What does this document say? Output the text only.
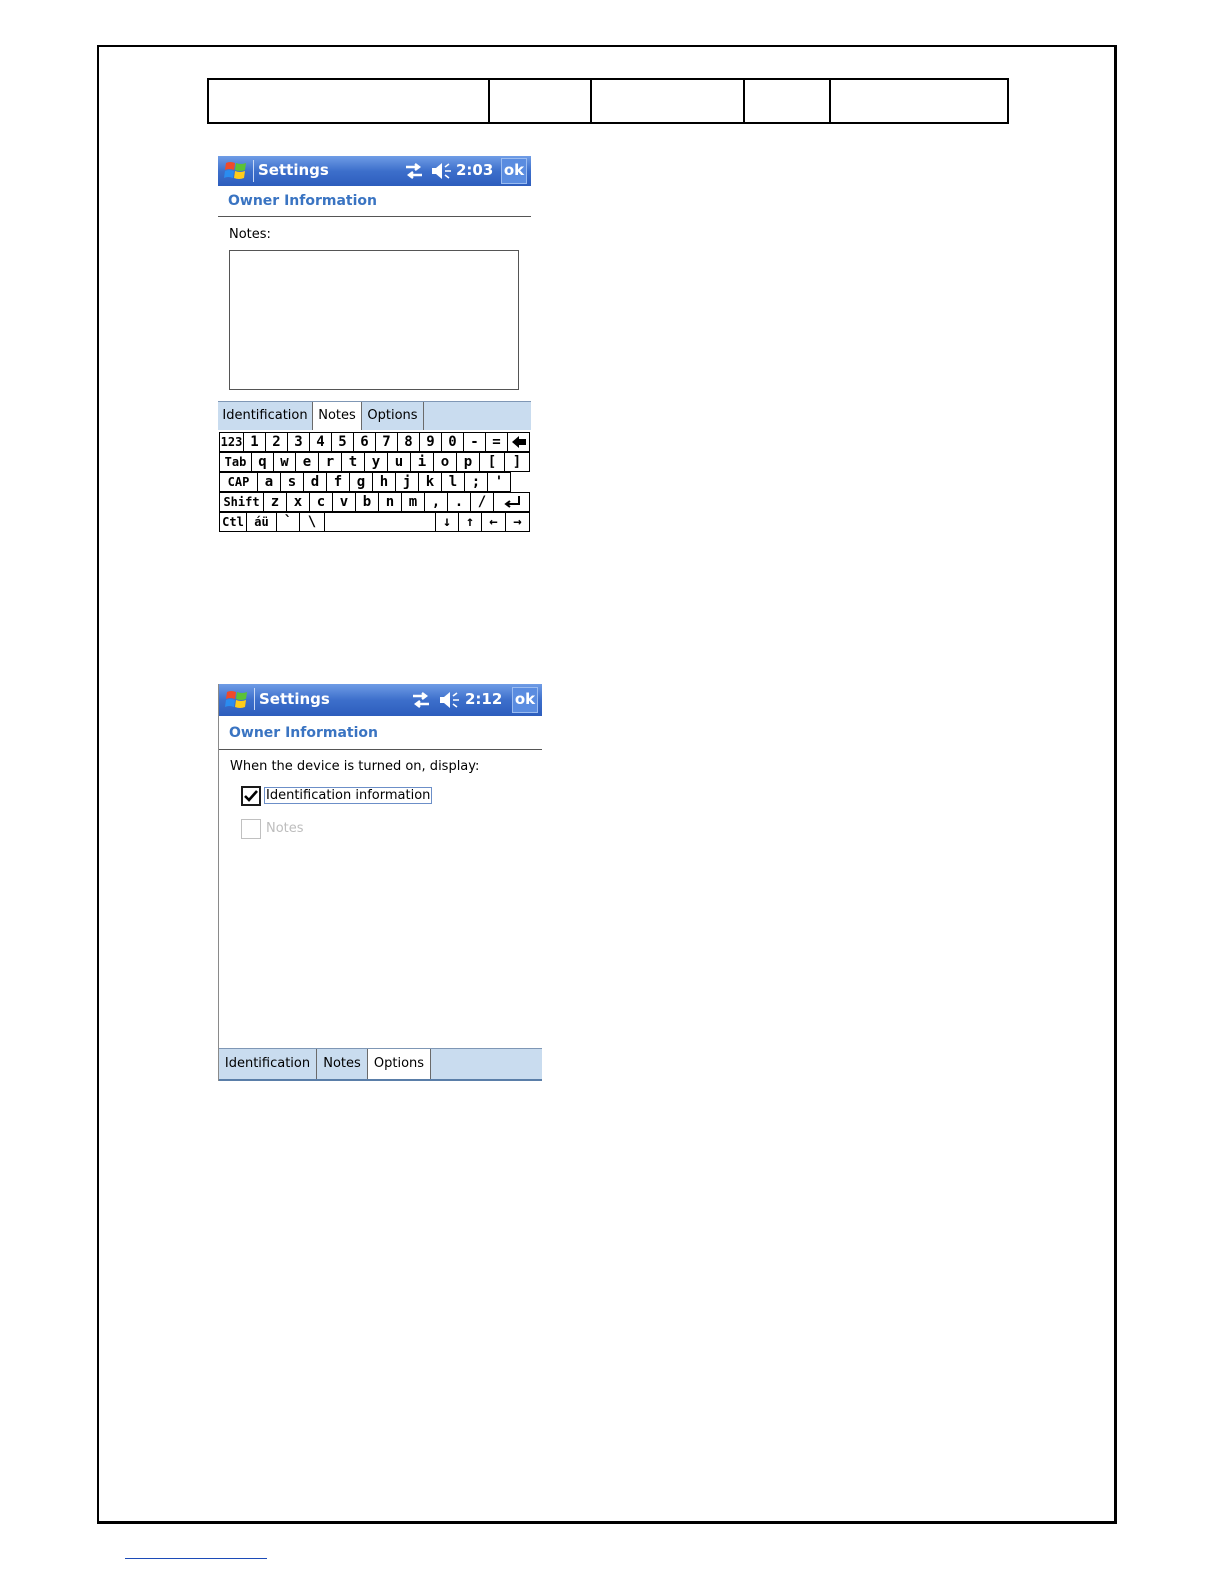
Settings	2:03 ok
Owner Information
Notes:
Identification Notes Options
123 1 2 3 4 5 6 7 8 9 0 - =
Tab q w	e	r	t	y	u	i	o	p	[	]
CAP	a	s	d	f	g	h	j	k	l	;	'
Shift z	x	c	v	b	n	m	,	.	/
Ctl áü	`	\	↓	↑	←	→
Settings	2:12 ok
Owner Information
When the device is turned on, display:
Identification information
Notes
Identification	Notes	Options
